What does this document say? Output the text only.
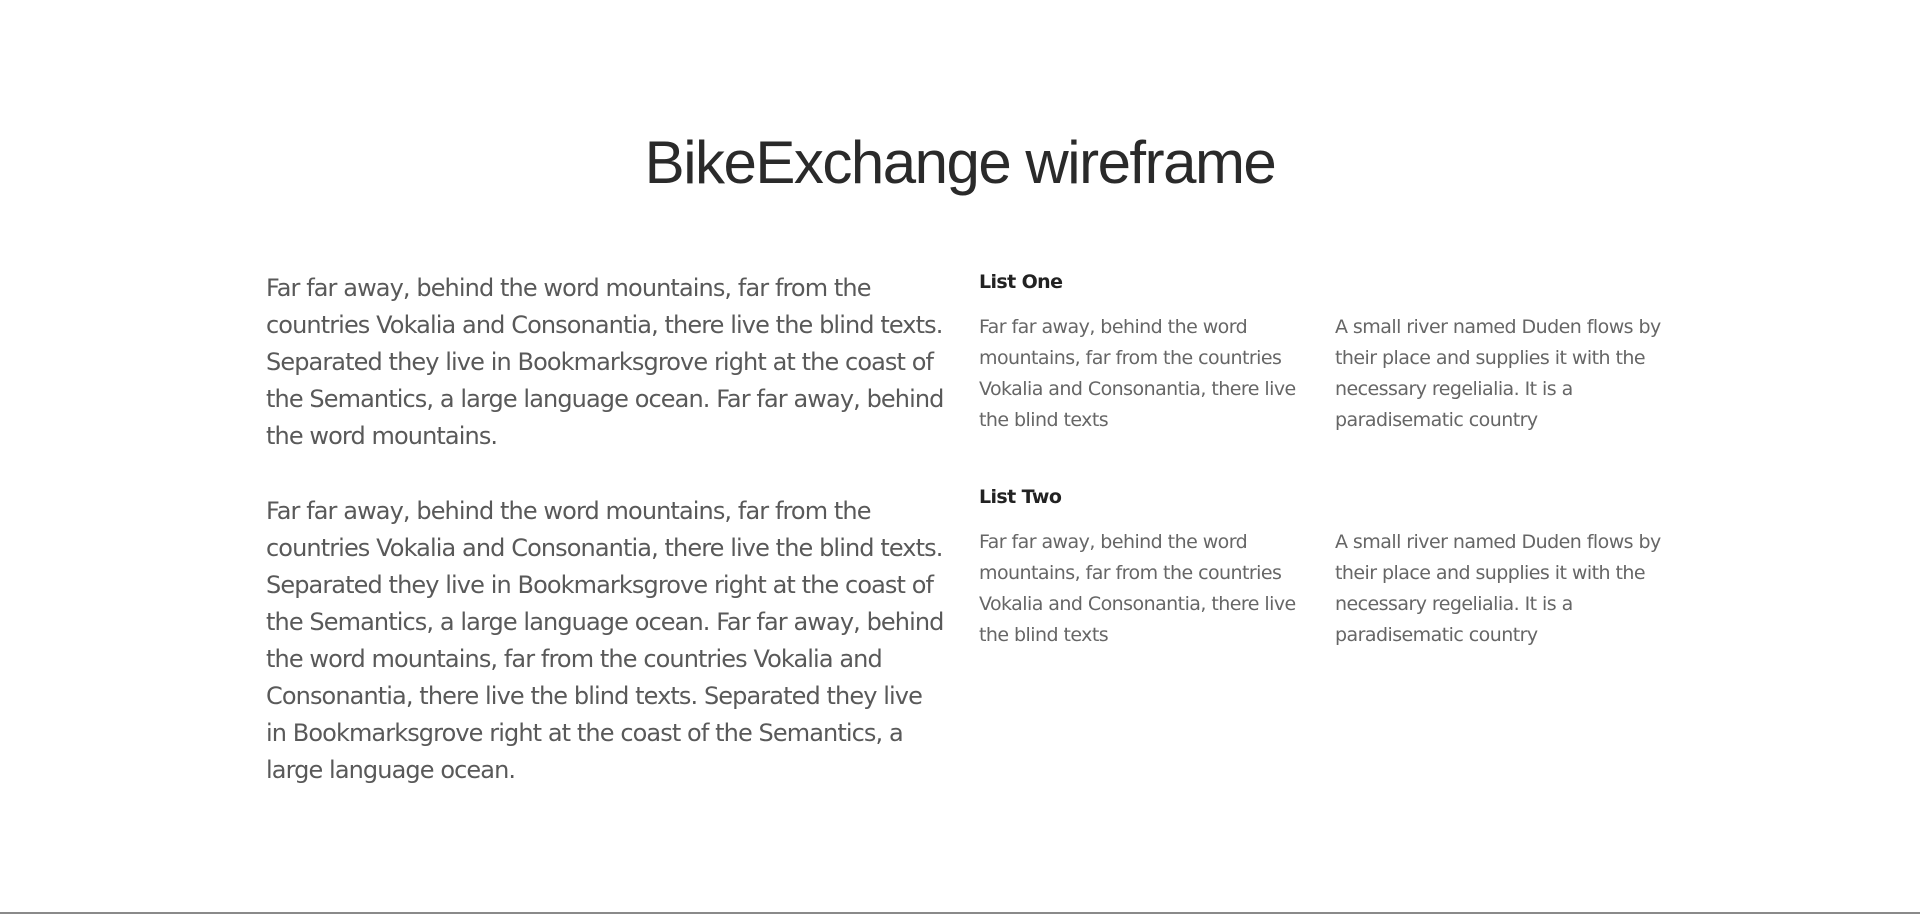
BikeExchange wireframe

Far far away, behind the word mountains, far from the countries Vokalia and Consonantia, there live the blind texts. Separated they live in Bookmarksgrove right at the coast of the Semantics, a large language ocean. Far far away, behind the word mountains.

Far far away, behind the word mountains, far from the countries Vokalia and Consonantia, there live the blind texts. Separated they live in Bookmarksgrove right at the coast of the Semantics, a large language ocean. Far far away, behind the word mountains, far from the countries Vokalia and Consonantia, there live the blind texts. Separated they live in Bookmarksgrove right at the coast of the Semantics, a large language ocean.

List One

Far far away, behind the word mountains, far from the countries Vokalia and Consonantia, there live the blind texts

A small river named Duden flows by their place and supplies it with the necessary regelialia. It is a paradisematic country

List Two

Far far away, behind the word mountains, far from the countries Vokalia and Consonantia, there live the blind texts

A small river named Duden flows by their place and supplies it with the necessary regelialia. It is a paradisematic country
